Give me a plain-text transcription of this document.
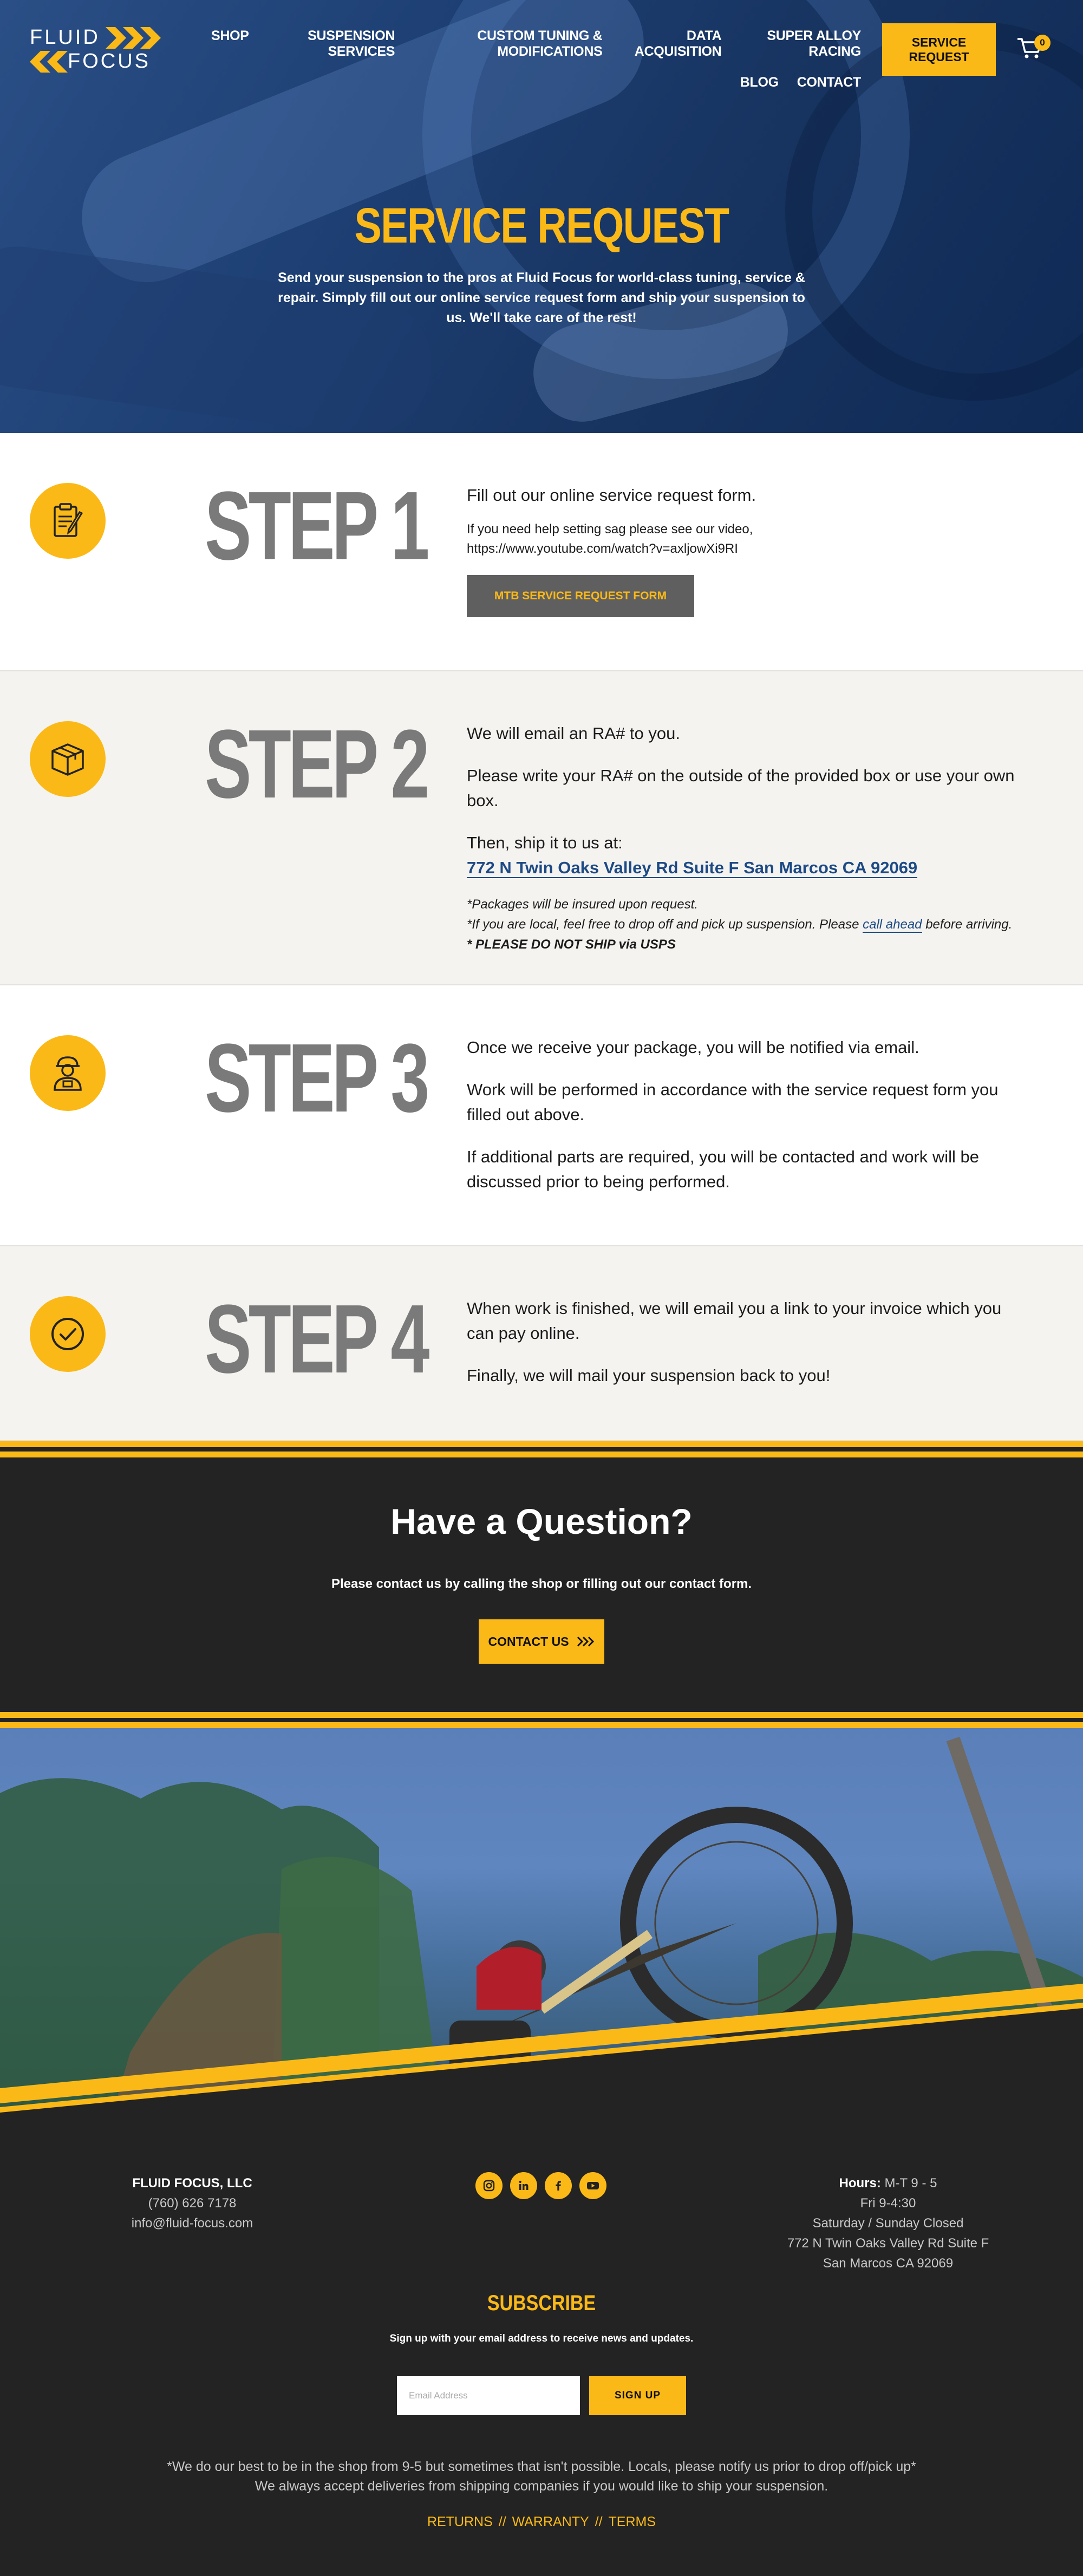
FLUID
FOCUS
SHOP	SUSPENSION SERVICES
CUSTOM TUNING & MODIFICATIONS
DATA ACQUISITION
SUPER ALLOY RACING
BLOG CONTACT
SERVICE REQUEST
0
SERVICE REQUEST

Send your suspension to the pros at Fluid Focus for world-class tuning, service & repair. Simply fill out our online service request form and ship your suspension to us. We'll take care of the rest!

STEP 1 Fill out our online service request form.

If you need help setting sag please see our video,

https://www.youtube.com/watch?v=axljowXi9RI

MTB SERVICE REQUEST FORM
STEP 2 We will email an RA# to you.

Please write your RA# on the outside of the provided box or use your own box.

Then, ship it to us at:

772 N Twin Oaks Valley Rd Suite F San Marcos CA 92069

*Packages will be insured upon request.

*If you are local, feel free to drop off and pick up suspension. Please call ahead before arriving.

* PLEASE DO NOT SHIP via USPS

STEP 3 Once we receive your package, you will be notified via email.

Work will be performed in accordance with the service request form you filled out above.

If additional parts are required, you will be contacted and work will be discussed prior to being performed.

STEP 4 When work is finished, we will email you a link to your invoice which you can pay online.

Finally, we will mail your suspension back to you!

Have a Question?

Please contact us by calling the shop or filling out our contact form.

CONTACT US
FLUID FOCUS, LLC
(760) 626 7178
info@fluid-focus.com
Hours: M-T 9 - 5
Fri 9-4:30
Saturday / Sunday Closed
772 N Twin Oaks Valley Rd Suite F
San Marcos CA 92069
SUBSCRIBE

Sign up with your email address to receive news and updates.

Email Address
SIGN UP
*We do our best to be in the shop from 9-5 but sometimes that isn't possible. Locals, please notify us prior to drop off/pick up*
We always accept deliveries from shipping companies if you would like to ship your suspension.
RETURNS // WARRANTY // TERMS
